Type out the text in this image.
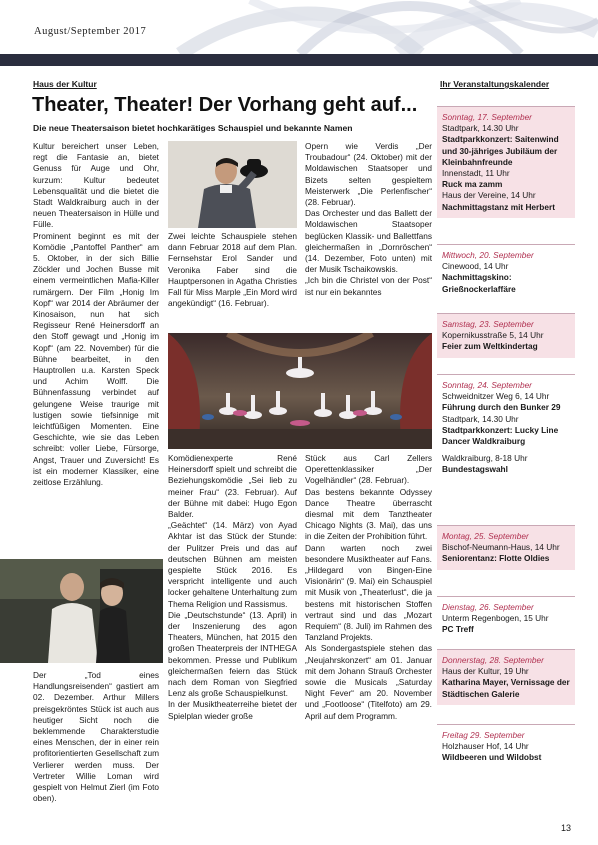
August/September 2017
Haus der Kultur	Ihr Veranstaltungskalender
Theater, Theater! Der Vorhang geht auf...
Die neue Theatersaison bietet hochkarätiges Schauspiel und bekannte Namen

Kultur bereichert unser Leben, regt die Fantasie an, bietet Genuss für Auge und Ohr, kurzum: Kultur bedeutet Lebensqualität und die bietet die Stadt Waldkraiburg auch in der neuen Theatersaison in Hülle und Fülle.

Prominent beginnt es mit der Komödie „Pantoffel Panther“ am 5. Oktober, in der sich Billie Zöckler und Jochen Busse mit einem vermeintlichen Mafia-Killer rumärgern. Der Film „Honig Im Kopf“ war 2014 der Abräumer der Kinosaison, nun hat sich Regisseur René Heinersdorff an den Stoff gewagt und „Honig im Kopf“ (am 22. November) für die Bühne bearbeitet, in den Hauptrollen u.a. Karsten Speck und Achim Wolff. Die Bühnenfassung verbindet auf gelungene Weise traurige mit lustigen sowie tiefsinnige mit leichtfüßigen Momenten. Eine Geschichte, wie sie das Leben schreibt: voller Liebe, Fürsorge, Angst, Trauer und Zuversicht! Es ist ein moderner Klassiker, eine zeitlose Erzählung.

Der „Tod eines Handlungsreisenden“ gastiert am 02. Dezember. Arthur Millers preisgekröntes Stück ist auch aus heutiger Sicht noch die beklemmende Charakterstudie eines Menschen, der in einer rein profitorientierten Gesellschaft zum Verlierer werden muss. Der Vertreter Willie Loman wird gespielt von Helmut Zierl (im Foto oben).

Zwei leichte Schauspiele stehen dann Februar 2018 auf dem Plan. Fernsehstar Erol Sander und Veronika Faber sind die Hauptpersonen in Agatha Christies Fall für Miss Marple „Ein Mord wird angekündigt“ (16. Februar).

Komödienexperte René Heinersdorff spielt und schreibt die Beziehungskomödie „Sei lieb zu meiner Frau“ (23. Februar). Auf der Bühne mit dabei: Hugo Egon Balder.

„Geächtet“ (14. März) von Ayad Akhtar ist das Stück der Stunde: der Pulitzer Preis und das auf deutschen Bühnen am meisten gespielte Stück 2016. Es verspricht intelligente und auch locker gehaltene Unterhaltung zum Thema Religion und Rassismus.

Die „Deutschstunde“ (13. April) in der Inszenierung des agon Theaters, München, hat 2015 den großen Theaterpreis der INTHEGA bekommen. Presse und Publikum gleichermaßen feiern das Stück nach dem Roman von Siegfried Lenz als große Schauspielkunst.

In der Musiktheaterreihe bietet der Spielplan wieder große

Opern wie Verdis „Der Troubadour“ (24. Oktober) mit der Moldawischen Staatsoper und Bizets selten gespieltem Meisterwerk „Die Perlenfischer“ (28. Februar).

Das Orchester und das Ballett der Moldawischen Staatsoper beglücken Klassik- und Ballettfans gleichermaßen in „Dornröschen“ (14. Dezember, Foto unten) mit der Musik Tschaikowskis.

„Ich bin die Christel von der Post“ ist nur ein bekanntes

Stück aus Carl Zellers Operettenklassiker „Der Vogelhändler“ (28. Februar).

Das bestens bekannte Odyssey Dance Theatre überrascht diesmal mit dem Tanztheater Chicago Nights (3. Mai), das uns in die Zeiten der Prohibition führt.

Dann warten noch zwei besondere Musiktheater auf Fans. „Hildegard von Bingen-Eine Visionärin“ (9. Mai) ein Schauspiel mit Musik von „Theaterlust“, die ja bestens mit historischen Stoffen vertraut sind und das „Mozart Requiem“ (8. Juli) im Rahmen des Tanzland Projekts.

Als Sondergastspiele stehen das „Neujahrskonzert“ am 01. Januar mit dem Johann Strauß Orchester sowie die Musicals „Saturday Night Fever“ am 20. November und „Footloose“ (Titelfoto) am 29. April auf dem Programm.

Sonntag, 17. September
Stadtpark, 14.30 Uhr
Stadtparkkonzert: Saitenwind und 30-jähriges Jubiläum der Kleinbahnfreunde
Innenstadt, 11 Uhr
Ruck ma zamm
Haus der Vereine, 14 Uhr
Nachmittagstanz mit Herbert
Mittwoch, 20. September
Cinewood, 14 Uhr
Nachmittagskino: Grießnockerlaffäre
Samstag, 23. September
Kopernikusstraße 5, 14 Uhr
Feier zum Weltkindertag
Sonntag, 24. September
Schweidnitzer Weg 6, 14 Uhr
Führung durch den Bunker 29
Stadtpark, 14.30 Uhr
Stadtparkkonzert: Lucky Line Dancer Waldkraiburg
Waldkraiburg, 8-18 Uhr
Bundestagswahl
Montag, 25. September
Bischof-Neumann-Haus, 14 Uhr
Seniorentanz: Flotte Oldies
Dienstag, 26. September
Unterm Regenbogen, 15 Uhr
PC Treff
Donnerstag, 28. September
Haus der Kultur, 19 Uhr
Katharina Mayer, Vernissage der Städtischen Galerie
Freitag 29. September
Holzhauser Hof, 14 Uhr
Wildbeeren und Wildobst
13
